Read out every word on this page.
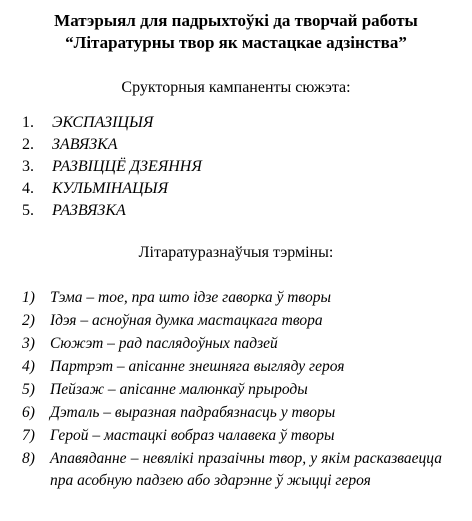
Матэрыял для падрыхтоўкі да творчай работы
“Літаратурны твор як мастацкае адзінства”
Срукторныя кампаненты сюжэта:
1. ЭКСПАЗІЦЫЯ
2. ЗАВЯЗКА
3. РАЗВІЦЦЁ ДЗЕЯННЯ
4. КУЛЬМІНАЦЫЯ
5. РАЗВЯЗКА
Літаратуразнаўчыя тэрміны:
1) Тэма – тое, пра што ідзе гаворка ў творы
2) Ідэя – асноўная думка мастацкага твора
3) Сюжэт – рад паслядоўных падзей
4) Партрэт – апісанне знешняга выгляду героя
5) Пейзаж – апісанне малюнкаў прыроды
6) Дэталь – выразная падрабязнасць у творы
7) Герой – мастацкі вобраз чалавека ў творы
8) Апавяданне – невялікі празаічны твор, у якім расказваецца пра асобную падзею або здарэнне ў жыцці героя
